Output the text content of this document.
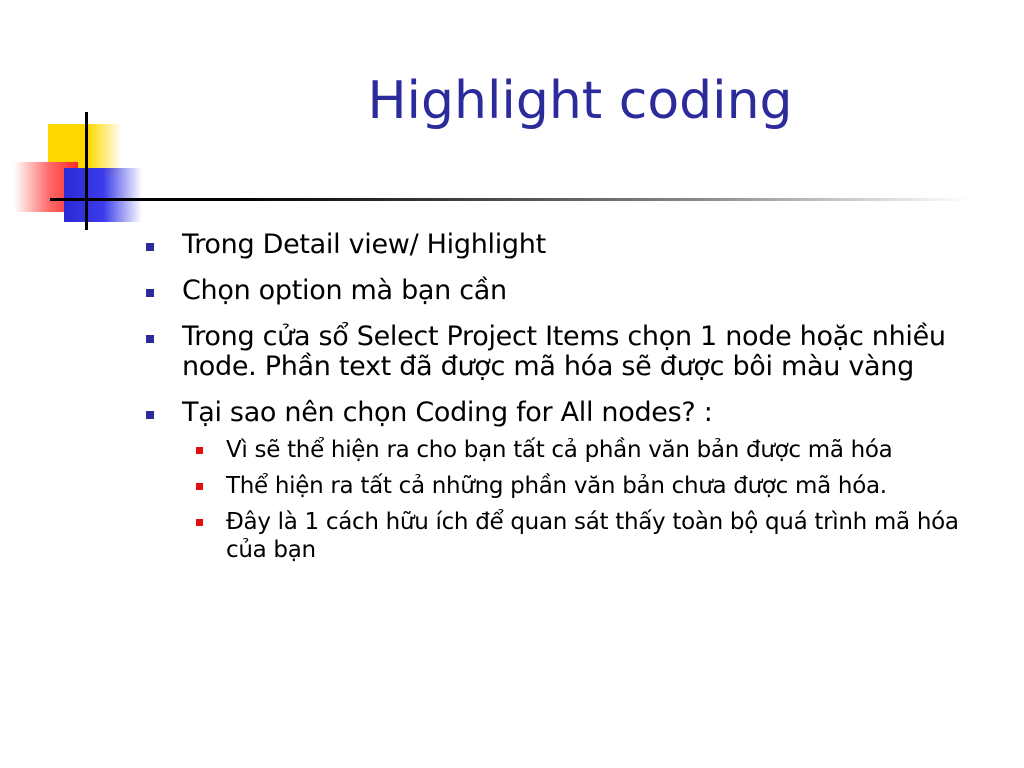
Highlight coding
Trong Detail view/ Highlight
Chọn option mà bạn cần
Trong cửa sổ Select Project Items chọn 1 node hoặc nhiều node. Phần text đã được mã hóa sẽ được bôi màu vàng
Tại sao nên chọn Coding for All nodes? :
Vì sẽ thể hiện ra cho bạn tất cả phần văn bản được mã hóa
Thể hiện ra tất cả những phần văn bản chưa được mã hóa.
Đây là 1 cách hữu ích để quan sát thấy toàn bộ quá trình mã hóa của bạn
